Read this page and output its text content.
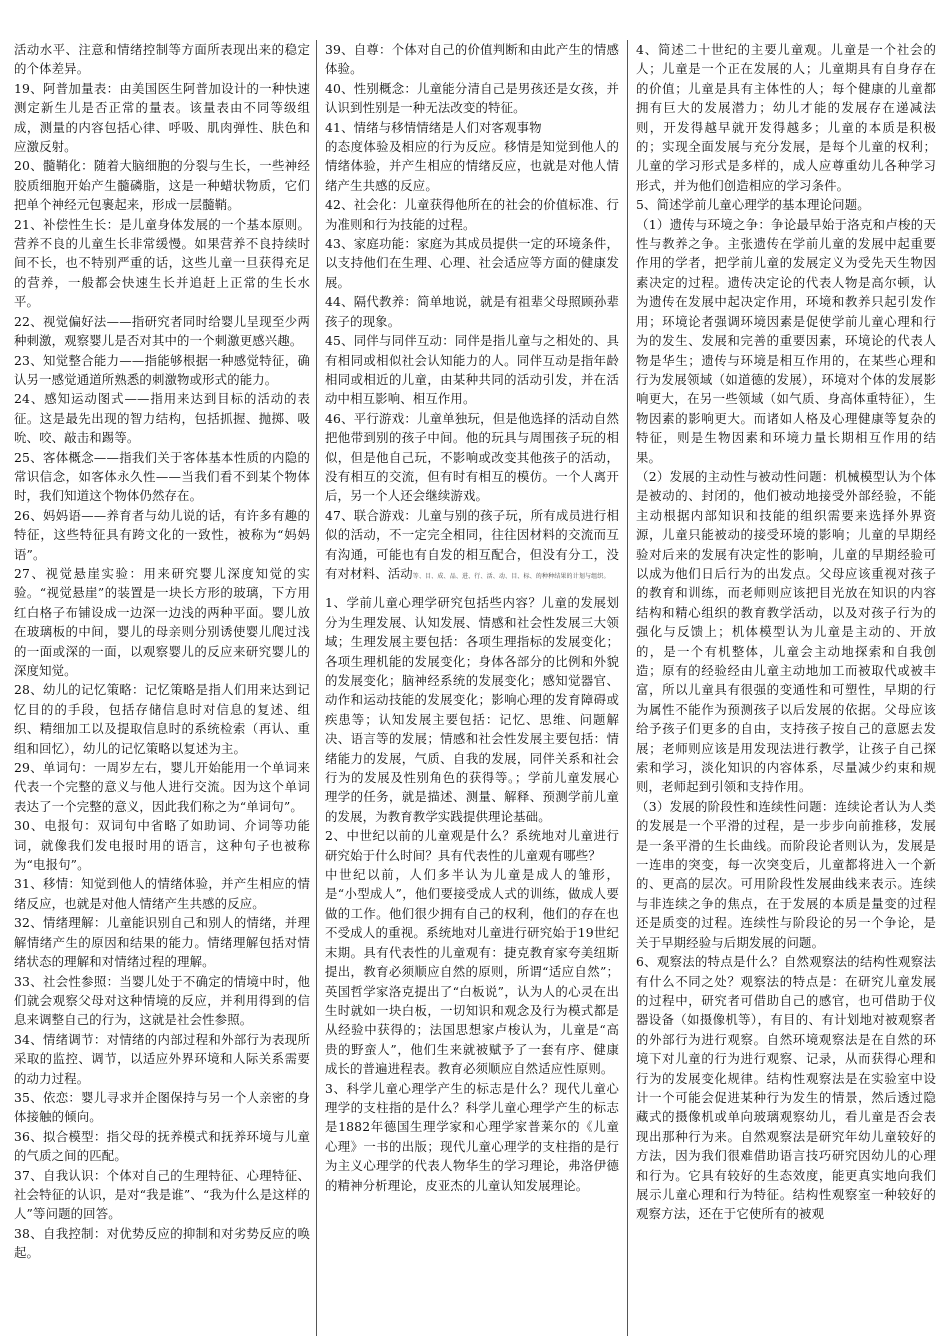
活动水平、注意和情绪控制等方面所表现出来的稳定的个体差异。

19、阿普加量表：由美国医生阿普加设计的一种快速测定新生儿是否正常的量表。该量表由不同等级组成，测量的内容包括心律、呼吸、肌肉弹性、肤色和应激反射。

20、髓鞘化：随着大脑细胞的分裂与生长，一些神经胶质细胞开始产生髓磷脂，这是一种蜡状物质，它们把单个神经元包裹起来，形成一层髓鞘。

21、补偿性生长：是儿童身体发展的一个基本原则。营养不良的儿童生长非常缓慢。如果营养不良持续时间不长，也不特别严重的话，这些儿童一旦获得充足的营养，一般都会快速生长并追赶上正常的生长水平。

22、视觉偏好法——指研究者同时给婴儿呈现至少两种刺激，观察婴儿是否对其中的一个刺激更感兴趣。

23、知觉整合能力——指能够根据一种感觉特征，确认另一感觉通道所熟悉的刺激物或形式的能力。

24、感知运动图式——指用来达到目标的活动的表征。这是最先出现的智力结构，包括抓握、抛掷、吸吮、咬、敲击和踢等。

25、客体概念——指我们关于客体基本性质的内隐的常识信念，如客体永久性——当我们看不到某个物体时，我们知道这个物体仍然存在。

26、妈妈语——养育者与幼儿说的话，有许多有趣的特征，这些特征具有跨文化的一致性，被称为“妈妈语”。

27、视觉悬崖实验：用来研究婴儿深度知觉的实验。“视觉悬崖”的装置是一块长方形的玻璃，下方用红白格子布铺设成一边深一边浅的两种平面。婴儿放在玻璃板的中间，婴儿的母亲则分别诱使婴儿爬过浅的一面或深的一面，以观察婴儿的反应来研究婴儿的深度知觉。

28、幼儿的记忆策略：记忆策略是指人们用来达到记忆目的的手段，包括存储信息时对信息的复述、组织、精细加工以及提取信息时的系统检索（再认、重组和回忆），幼儿的记忆策略以复述为主。

29、单词句：一周岁左右，婴儿开始能用一个单词来代表一个完整的意义与他人进行交流。因为这个单词表达了一个完整的意义，因此我们称之为“单词句”。

30、电报句：双词句中省略了如助词、介词等功能词，就像我们发电报时用的语言，这种句子也被称为“电报句”。

31、移情：知觉到他人的情绪体验，并产生相应的情绪反应，也就是对他人情绪产生共感的反应。

32、情绪理解：儿童能识别自己和别人的情绪，并理解情绪产生的原因和结果的能力。情绪理解包括对情绪状态的理解和对情绪过程的理解。

33、社会性参照：当婴儿处于不确定的情境中时，他们就会观察父母对这种情境的反应，并利用得到的信息来调整自己的行为，这就是社会性参照。

34、情绪调节：对情绪的内部过程和外部行为表现所采取的监控、调节，以适应外界环境和人际关系需要的动力过程。

35、依恋：婴儿寻求并企图保持与另一个人亲密的身体接触的倾向。

36、拟合模型：指父母的抚养模式和抚养环境与儿童的气质之间的匹配。

37、自我认识：个体对自己的生理特征、心理特征、社会特征的认识，是对“我是谁”、“我为什么是这样的人”等问题的回答。

38、自我控制：对优势反应的抑制和对劣势反应的唤起。

39、自尊：个体对自己的价值判断和由此产生的情感体验。

40、性别概念：儿童能分清自己是男孩还是女孩，并认识到性别是一种无法改变的特征。

41、情绪与移情情绪是人们对客观事物

的态度体验及相应的行为反应。移情是知觉到他人的情绪体验，并产生相应的情绪反应，也就是对他人情绪产生共感的反应。

42、社会化：儿童获得他所在的社会的价值标准、行为准则和行为技能的过程。

43、家庭功能：家庭为其成员提供一定的环境条件，以支持他们在生理、心理、社会适应等方面的健康发展。

44、隔代教养：简单地说，就是有祖辈父母照顾孙辈孩子的现象。

45、同伴与同伴互动：同伴是指儿童与之相处的、具有相同或相似社会认知能力的人。同伴互动是指年龄相同或相近的儿童，由某种共同的活动引发，并在活动中相互影响、相互作用。

46、平行游戏：儿童单独玩，但是他选择的活动自然把他带到别的孩子中间。他的玩具与周围孩子玩的相似，但是他自己玩，不影响或改变其他孩子的活动，没有相互的交流，但有时有相互的模仿。一个人离开后，另一个人还会继续游戏。

47、联合游戏：儿童与别的孩子玩，所有成员进行相似的活动，不一定完全相同，往往因材料的交流而互有沟通，可能也有自发的相互配合，但没有分工，没有对材料、活动等、目、成、品、进、行、活、动、目、标、的种种结果的计划与组织。

1、学前儿童心理学研究包括些内容？儿童的发展划分为生理发展、认知发展、情感和社会性发展三大领域；生理发展主要包括：各项生理指标的发展变化；各项生理机能的发展变化；身体各部分的比例和外貌的发展变化；脑神经系统的发展变化；感知觉器官、动作和运动技能的发展变化；影响心理的发育障碍或疾患等；认知发展主要包括：记忆、思维、问题解决、语言等的发展；情感和社会性发展主要包括：情绪能力的发展，气质、自我的发展，同伴关系和社会行为的发展及性别角色的获得等。；学前儿童发展心理学的任务，就是描述、测量、解释、预测学前儿童的发展，为教育教学实践提供理论基础。

2、中世纪以前的儿童观是什么？系统地对儿童进行研究始于什么时间？具有代表性的儿童观有哪些？

中世纪以前，人们多半认为儿童是成人的雏形，是“小型成人”，他们要接受成人式的训练，做成人要做的工作。他们很少拥有自己的权利，他们的存在也不受成人的重视。系统地对儿童进行研究始于19世纪末期。具有代表性的儿童观有：捷克教育家夸美纽斯提出，教育必须顺应自然的原则，所谓“适应自然”；英国哲学家洛克提出了“白板说”，认为人的心灵在出生时就如一块白板，一切知识和观念及行为模式都是从经验中获得的；法国思想家卢梭认为，儿童是“高贵的野蛮人”，他们生来就被赋予了一套有序、健康成长的普遍进程表。教育必须顺应自然适应性原则。

3、科学儿童心理学产生的标志是什么？现代儿童心理学的支柱指的是什么？科学儿童心理学产生的标志是1882年德国生理学家和心理学家普莱尔的《儿童心理》一书的出版；现代儿童心理学的支柱指的是行为主义心理学的代表人物华生的学习理论，弗洛伊德的精神分析理论，皮亚杰的儿童认知发展理论。

4、简述二十世纪的主要儿童观。儿童是一个社会的人；儿童是一个正在发展的人；儿童期具有自身存在的价值；儿童是具有主体性的人；每个健康的儿童都拥有巨大的发展潜力；幼儿才能的发展存在递减法则，开发得越早就开发得越多；儿童的本质是积极的；实现全面发展与充分发展，是每个儿童的权利；儿童的学习形式是多样的，成人应尊重幼儿各种学习形式，并为他们创造相应的学习条件。

5、简述学前儿童心理学的基本理论问题。

（1）遗传与环境之争：争论最早始于洛克和卢梭的天性与教养之争。主张遗传在学前儿童的发展中起重要作用的学者，把学前儿童的发展定义为受先天生物因素决定的过程。遗传决定论的代表人物是高尔顿，认为遗传在发展中起决定作用，环境和教养只起引发作用；环境论者强调环境因素是促使学前儿童心理和行为的发生、发展和完善的重要因素，环境论的代表人物是华生；遗传与环境是相互作用的，在某些心理和行为发展领域（如道德的发展），环境对个体的发展影响更大，在另一些领域（如气质、身高体重特征），生物因素的影响更大。而诸如人格及心理健康等复杂的特征，则是生物因素和环境力量长期相互作用的结果。

（2）发展的主动性与被动性问题：机械模型认为个体是被动的、封闭的，他们被动地接受外部经验，不能主动根据内部知识和技能的组织需要来选择外界资源，儿童只能被动的接受环境的影响；儿童的早期经验对后来的发展有决定性的影响，儿童的早期经验可以成为他们日后行为的出发点。父母应该重视对孩子的教育和训练，而老师则应该把目光放在知识的内容结构和精心组织的教育教学活动，以及对孩子行为的强化与反馈上；机体模型认为儿童是主动的、开放的，是一个有机整体，儿童会主动地探索和自我创造；原有的经验经由儿童主动地加工而被取代或被丰富，所以儿童具有很强的变通性和可塑性，早期的行为属性不能作为预测孩子以后发展的依据。父母应该给予孩子们更多的自由，支持孩子按自己的意愿去发展；老师则应该是用发现法进行教学，让孩子自己探索和学习，淡化知识的内容体系，尽量减少约束和规则，老师起到引领和支持作用。

（3）发展的阶段性和连续性问题：连续论者认为人类的发展是一个平滑的过程，是一步步向前推移，发展是一条平滑的生长曲线。而阶段论者则认为，发展是一连串的突变，每一次突变后，儿童都将进入一个新的、更高的层次。可用阶段性发展曲线来表示。连续与非连续之争的焦点，在于发展的本质是量变的过程还是质变的过程。连续性与阶段论的另一个争论，是关于早期经验与后期发展的问题。

6、观察法的特点是什么？自然观察法的结构性观察法有什么不同之处？观察法的特点是：在研究儿童发展的过程中，研究者可借助自己的感官，也可借助于仪器设备（如摄像机等），有目的、有计划地对被观察者的外部行为进行观察。自然环境观察法是在自然的环境下对儿童的行为进行观察、记录，从而获得心理和行为的发展变化规律。结构性观察法是在实验室中设计一个可能会促进某种行为发生的情景，然后透过隐藏式的摄像机或单向玻璃观察幼儿，看儿童是否会表现出那种行为来。自然观察法是研究年幼儿童较好的方法，因为我们很难借助语言技巧研究因幼儿的心理和行为。它具有较好的生态效度，能更真实地向我们展示儿童心理和行为特征。结构性观察室一种较好的观察方法，还在于它使所有的被观
